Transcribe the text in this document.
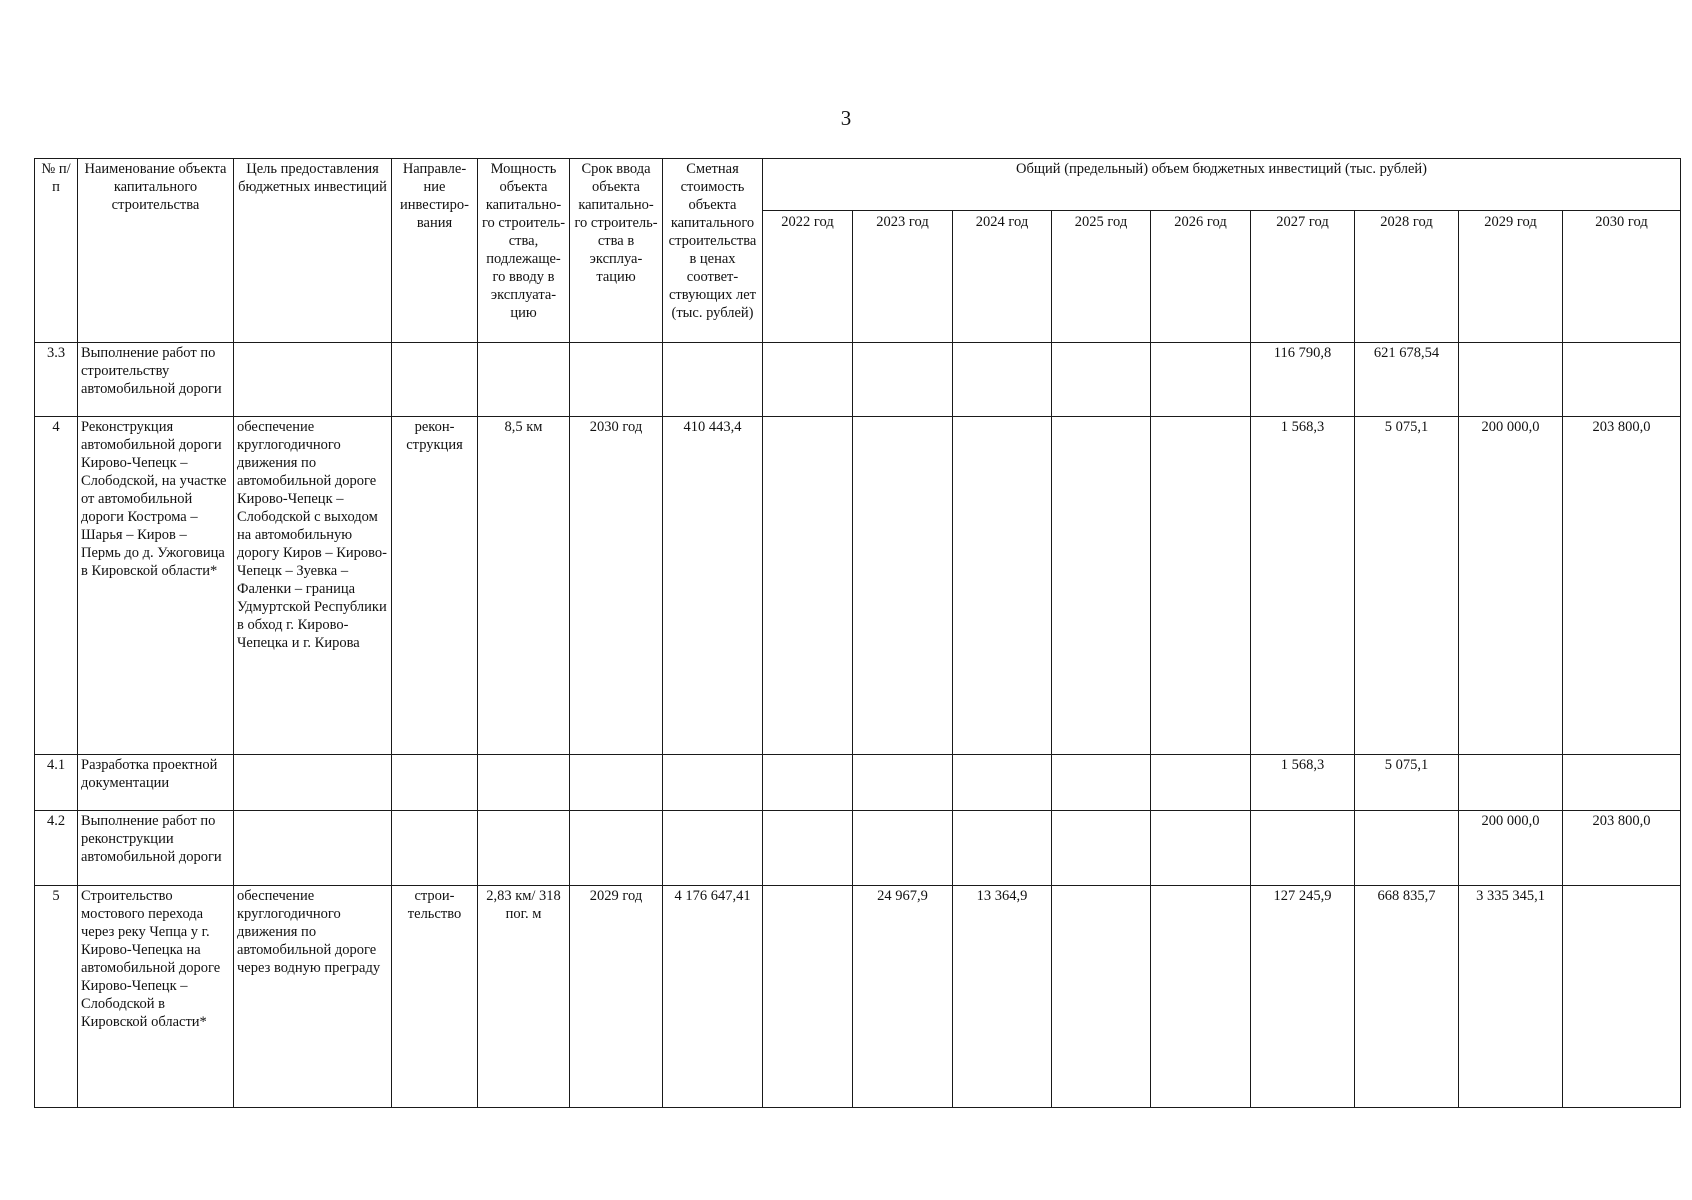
3
№ п/п	Наименование объекта капитального строительства	Цель предоставления бюджетных инвестиций	Направле-ние инвестиро-вания	Мощность объекта капитально-го строитель-ства, подлежаще-го вводу в эксплуата-цию	Срок ввода объекта капитально-го строитель-ства в эксплуа-тацию	Сметная стоимость объекта капитального строительства в ценах соответ-ствующих лет (тыс. рублей)	Общий (предельный) объем бюджетных инвестиций (тыс. рублей)								
							2022 год	2023 год	2024 год	2025 год	2026 год	2027 год	2028 год	2029 год	2030 год
3.3	Выполнение работ по строительству автомобильной дороги											116 790,8	621 678,54		
4	Реконструкция автомобильной дороги Кирово-Чепецк – Слободской, на участке от автомобильной дороги Кострома – Шарья – Киров – Пермь до д. Ужоговица в Кировской области*	обеспечение круглогодичного движения по автомобильной дороге Кирово-Чепецк – Слободской с выходом на автомобильную дорогу Киров – Кирово-Чепецк – Зуевка – Фаленки – граница Удмуртской Республики в обход г. Кирово-Чепецка и г. Кирова	рекон-струкция	8,5 км	2030 год	410 443,4						1 568,3	5 075,1	200 000,0	203 800,0
4.1	Разработка проектной документации											1 568,3	5 075,1		
4.2	Выполнение работ по реконструкции автомобильной дороги													200 000,0	203 800,0
5	Строительство мостового перехода через реку Чепца у г. Кирово-Чепецка на автомобильной дороге Кирово-Чепецк – Слободской в Кировской области*	обеспечение круглогодичного движения по автомобильной дороге через водную преграду	строи-тельство	2,83 км/ 318 пог. м	2029 год	4 176 647,41		24 967,9	13 364,9			127 245,9	668 835,7	3 335 345,1	
